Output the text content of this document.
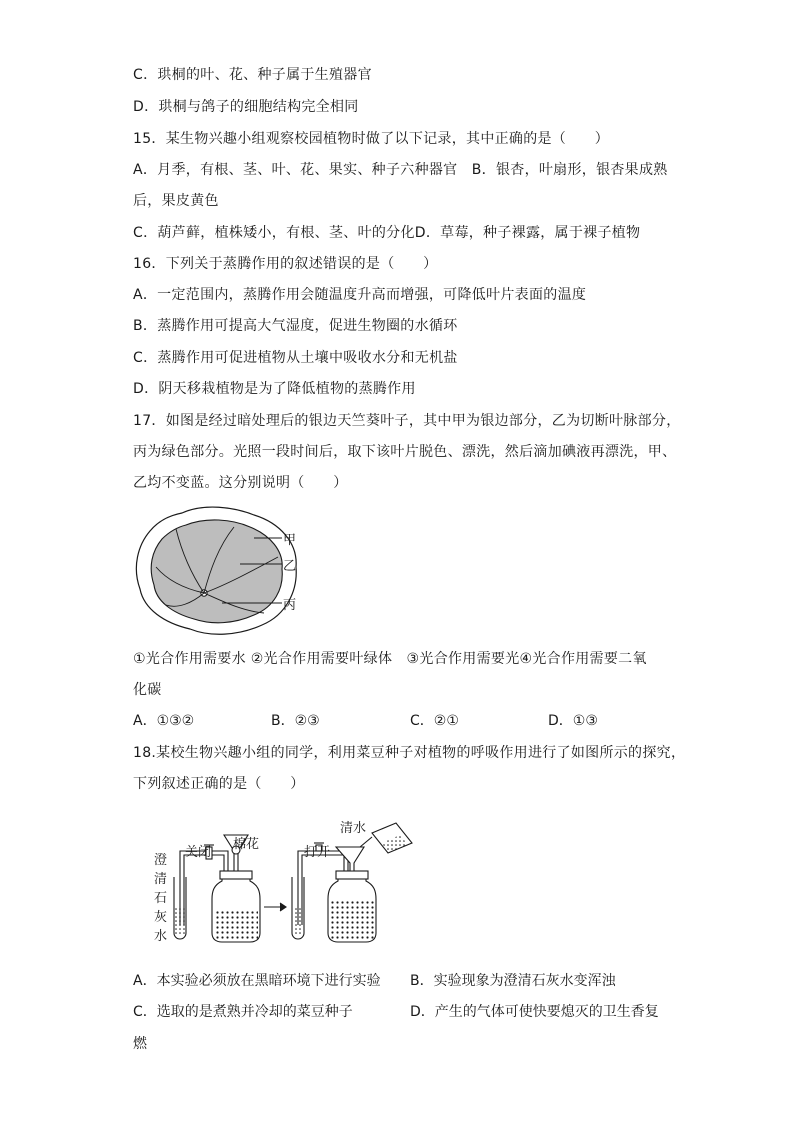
C．珙桐的叶、花、种子属于生殖器官
D．珙桐与鸽子的细胞结构完全相同
15．某生物兴趣小组观察校园植物时做了以下记录，其中正确的是（　　）
A．月季，有根、茎、叶、花、果实、种子六种器官　B．银杏，叶扇形，银杏果成熟
后，果皮黄色
C．葫芦藓，植株矮小，有根、茎、叶的分化D．草莓，种子裸露，属于裸子植物
16．下列关于蒸腾作用的叙述错误的是（　　）
A．一定范围内，蒸腾作用会随温度升高而增强，可降低叶片表面的温度
B．蒸腾作用可提高大气湿度，促进生物圈的水循环
C．蒸腾作用可促进植物从土壤中吸收水分和无机盐
D．阴天移栽植物是为了降低植物的蒸腾作用
17．如图是经过暗处理后的银边天竺葵叶子，其中甲为银边部分，乙为切断叶脉部分，
丙为绿色部分。光照一段时间后，取下该叶片脱色、漂洗，然后滴加碘液再漂洗，甲、
乙均不变蓝。这分别说明（　　）
甲
乙
丙
①光合作用需要水 ②光合作用需要叶绿体　③光合作用需要光④光合作用需要二氧
化碳
A．①③②	B．②③	C．②①	D．①③
18.某校生物兴趣小组的同学，利用菜豆种子对植物的呼吸作用进行了如图所示的探究，
下列叙述正确的是（　　）
关闭
棉花
打开
清水
澄
清
石
灰
水
A．本实验必须放在黑暗环境下进行实验 B．实验现象为澄清石灰水变浑浊
C．选取的是煮熟并冷却的菜豆种子	D．产生的气体可使快要熄灭的卫生香复
燃
